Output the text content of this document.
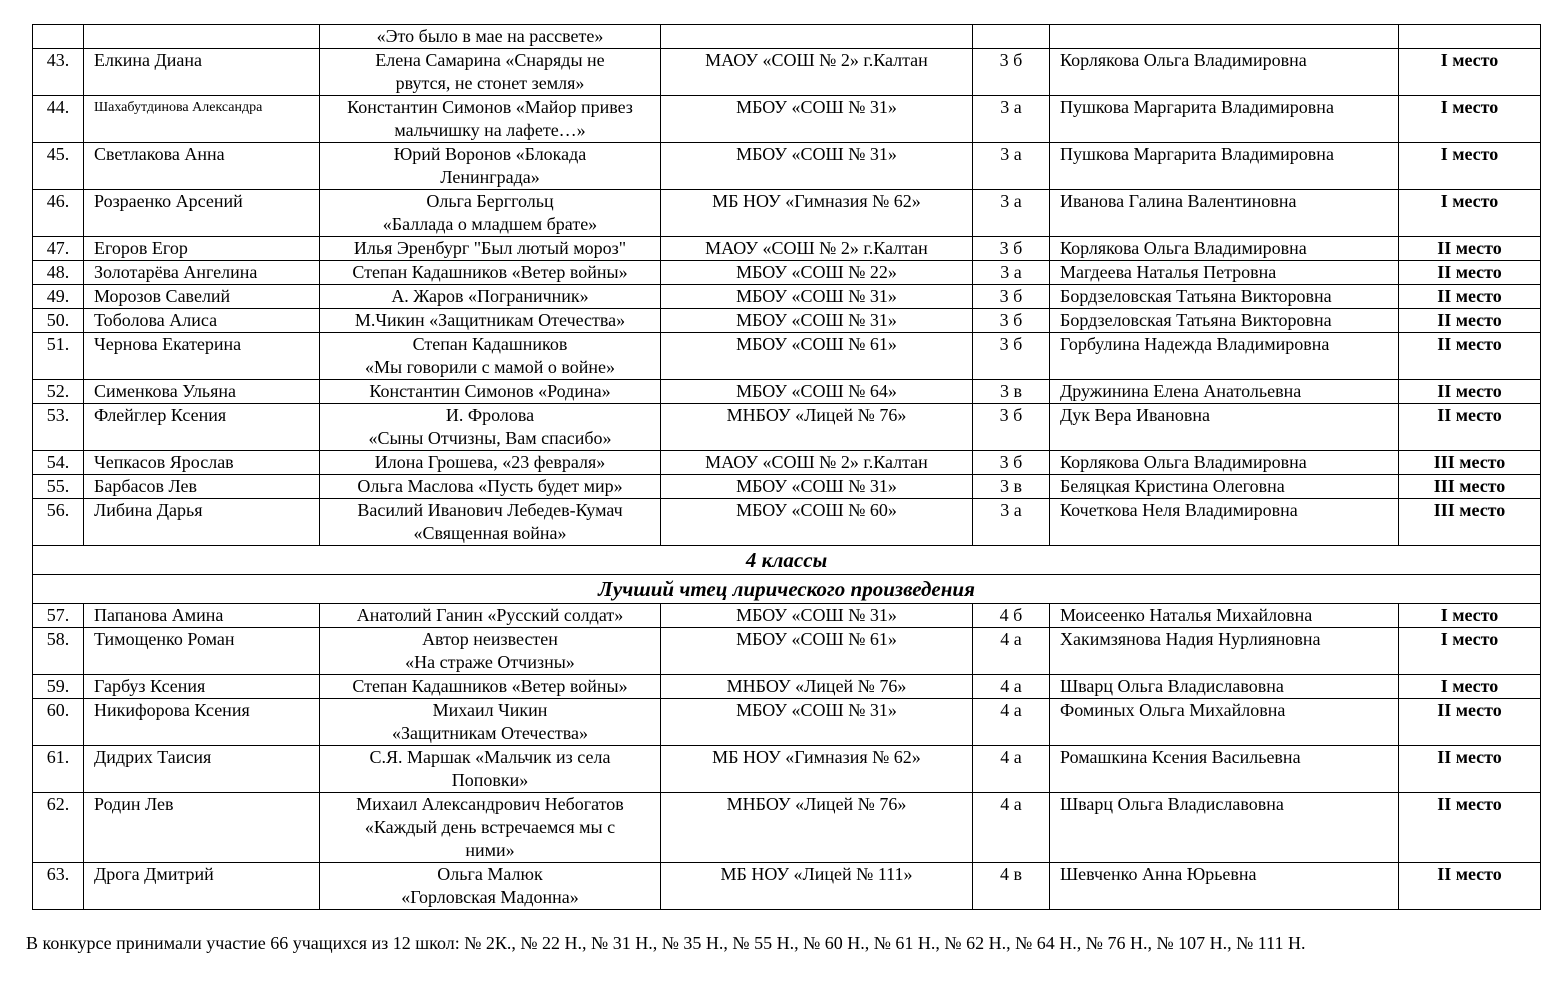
		«Это было в мае на рассвете»				

43.	Елкина Диана	Елена Самарина «Снаряды не
рвутся, не стонет земля»	МАОУ «СОШ № 2» г.Калтан	3 б	Корлякова Ольга Владимировна	I место
44.	Шахабутдинова Александра	Константин Симонов «Майор привез
мальчишку на лафете…»	МБОУ «СОШ № 31»	3 а	Пушкова Маргарита Владимировна	I место
45.	Светлакова Анна	Юрий Воронов «Блокада
Ленинграда»	МБОУ «СОШ № 31»	3 а	Пушкова Маргарита Владимировна	I место
46.	Розраенко Арсений	Ольга Берггольц
«Баллада о младшем брате»	МБ НОУ «Гимназия № 62»	3 а	Иванова Галина Валентиновна	I место
47.	Егоров Егор	Илья Эренбург "Был лютый мороз"	МАОУ «СОШ № 2» г.Калтан	3 б	Корлякова Ольга Владимировна	II место
48.	Золотарёва Ангелина	Степан Кадашников «Ветер войны»	МБОУ «СОШ № 22»	3 а	Магдеева Наталья Петровна	II место
49.	Морозов Савелий	А. Жаров «Пограничник»	МБОУ «СОШ № 31»	3 б	Бордзеловская Татьяна Викторовна	II место
50.	Тоболова Алиса	М.Чикин «Защитникам Отечества»	МБОУ «СОШ № 31»	3 б	Бордзеловская Татьяна Викторовна	II место
51.	Чернова Екатерина	Степан Кадашников
«Мы говорили с мамой о войне»	МБОУ «СОШ № 61»	3 б	Горбулина Надежда Владимировна	II место
52.	Сименкова Ульяна	Константин Симонов «Родина»	МБОУ «СОШ № 64»	3 в	Дружинина Елена Анатольевна	II место
53.	Флейглер Ксения	И. Фролова
«Сыны Отчизны, Вам спасибо»	МНБОУ «Лицей № 76»	3 б	Дук Вера Ивановна	II место
54.	Чепкасов Ярослав	Илона Грошева, «23 февраля»	МАОУ «СОШ № 2» г.Калтан	3 б	Корлякова Ольга Владимировна	III место
55.	Барбасов Лев	Ольга Маслова «Пусть будет мир»	МБОУ «СОШ № 31»	3 в	Беляцкая Кристина Олеговна	III место
56.	Либина Дарья	Василий Иванович Лебедев-Кумач
«Священная война»	МБОУ «СОШ № 60»	3 а	Кочеткова Неля Владимировна	III место
4 классы						
Лучший чтец лирического произведения						
57.	Папанова Амина	Анатолий Ганин «Русский солдат»	МБОУ «СОШ № 31»	4 б	Моисеенко Наталья Михайловна	I место
58.	Тимощенко Роман	Автор неизвестен
«На страже Отчизны»	МБОУ «СОШ № 61»	4 а	Хакимзянова Надия Нурлияновна	I место
59.	Гарбуз Ксения	Степан Кадашников «Ветер войны»	МНБОУ «Лицей № 76»	4 а	Шварц Ольга Владиславовна	I место
60.	Никифорова Ксения	Михаил Чикин
«Защитникам Отечества»	МБОУ «СОШ № 31»	4 а	Фоминых Ольга Михайловна	II место
61.	Дидрих Таисия	С.Я. Маршак «Мальчик из села
Поповки»	МБ НОУ «Гимназия № 62»	4 а	Ромашкина Ксения Васильевна	II место
62.	Родин Лев	Михаил Александрович Небогатов
«Каждый день встречаемся мы с
ними»	МНБОУ «Лицей № 76»	4 а	Шварц Ольга Владиславовна	II место
63.	Дрога Дмитрий	Ольга Малюк
«Горловская Мадонна»	МБ НОУ «Лицей № 111»	4 в	Шевченко Анна Юрьевна	II место
В конкурсе принимали участие 66 учащихся из 12 школ: № 2К., № 22 Н., № 31 Н., № 35 Н., № 55 Н., № 60 Н., № 61 Н., № 62 Н., № 64 Н., № 76 Н., № 107 Н., № 111 Н.
